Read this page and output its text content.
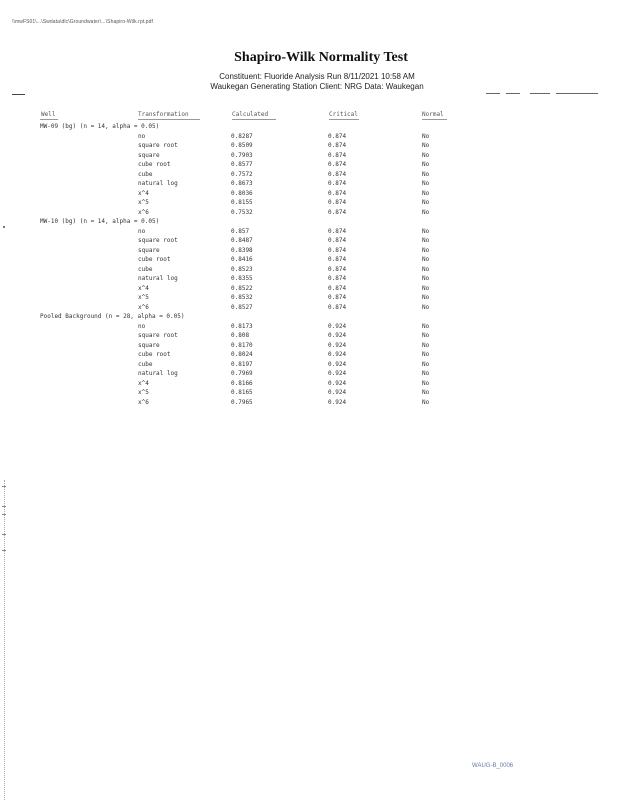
\\mwFS01\...\Swdata\dlc\Groundwater\...\Shapiro-Wilk.rpt.pdf
Shapiro-Wilk Normality Test
Constituent: Fluoride Analysis Run 8/11/2021 10:58 AM
Waukegan Generating Station Client: NRG Data: Waukegan
Well	Transformation	Calculated	Critical	Normal
MW-09 (bg) (n = 14, alpha = 0.05)				
	no	0.8287	0.874	No
	square root	0.8509	0.874	No
	square	0.7903	0.874	No
	cube root	0.8577	0.874	No
	cube	0.7572	0.874	No
	natural log	0.8673	0.874	No
	x^4	0.8036	0.874	No
	x^5	0.8155	0.874	No
	x^6	0.7532	0.874	No
MW-10 (bg) (n = 14, alpha = 0.05)				
	no	0.857	0.874	No
	square root	0.8487	0.874	No
	square	0.8398	0.874	No
	cube root	0.8416	0.874	No
	cube	0.8523	0.874	No
	natural log	0.8355	0.874	No
	x^4	0.8522	0.874	No
	x^5	0.8532	0.874	No
	x^6	0.8527	0.874	No
Pooled Background (n = 28, alpha = 0.05)				
	no	0.8173	0.924	No
	square root	0.808	0.924	No
	square	0.8170	0.924	No
	cube root	0.8024	0.924	No
	cube	0.8197	0.924	No
	natural log	0.7969	0.924	No
	x^4	0.8166	0.924	No
	x^5	0.8165	0.924	No
	x^6	0.7965	0.924	No
WAUG-B_0006
